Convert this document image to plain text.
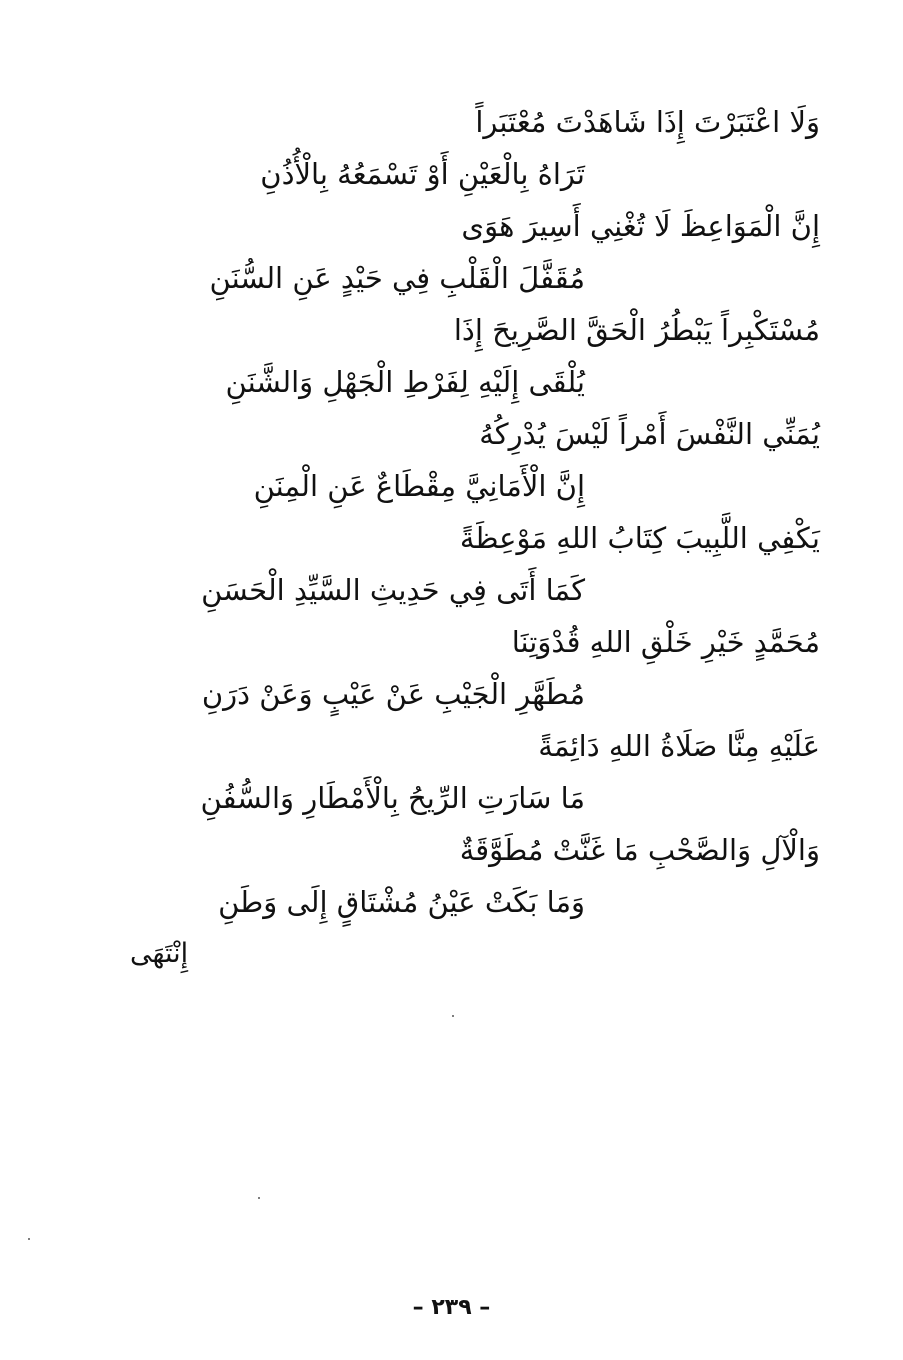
وَلَا اعْتَبَرْتَ إِذَا شَاهَدْتَ مُعْتَبَراً
تَرَاهُ بِالْعَيْنِ أَوْ تَسْمَعُهُ بِالْأُذُنِ
إِنَّ الْمَوَاعِظَ لَا تُغْنِي أَسِيرَ هَوَى
مُقَفَّلَ الْقَلْبِ فِي حَيْدٍ عَنِ السُّنَنِ
مُسْتَكْبِراً يَبْطُرُ الْحَقَّ الصَّرِيحَ إِذَا
يُلْقَى إِلَيْهِ لِفَرْطِ الْجَهْلِ وَالشَّنَنِ
يُمَنِّي النَّفْسَ أَمْراً لَيْسَ يُدْرِكُهُ
إِنَّ الْأَمَانِيَّ مِقْطَاعٌ عَنِ الْمِنَنِ
يَكْفِي اللَّبِيبَ كِتَابُ اللهِ مَوْعِظَةً
كَمَا أَتَى فِي حَدِيثِ السَّيِّدِ الْحَسَنِ
مُحَمَّدٍ خَيْرِ خَلْقِ اللهِ قُدْوَتِنَا
مُطَهَّرِ الْجَيْبِ عَنْ عَيْبٍ وَعَنْ دَرَنِ
عَلَيْهِ مِنَّا صَلَاةُ اللهِ دَائِمَةً
مَا سَارَتِ الرِّيحُ بِالْأَمْطَارِ وَالسُّفُنِ
وَالْآلِ وَالصَّحْبِ مَا غَنَّتْ مُطَوَّقَةٌ
وَمَا بَكَتْ عَيْنُ مُشْتَاقٍ إِلَى وَطَنِ
إِنْتَهَى
– ٢٣٩ –
